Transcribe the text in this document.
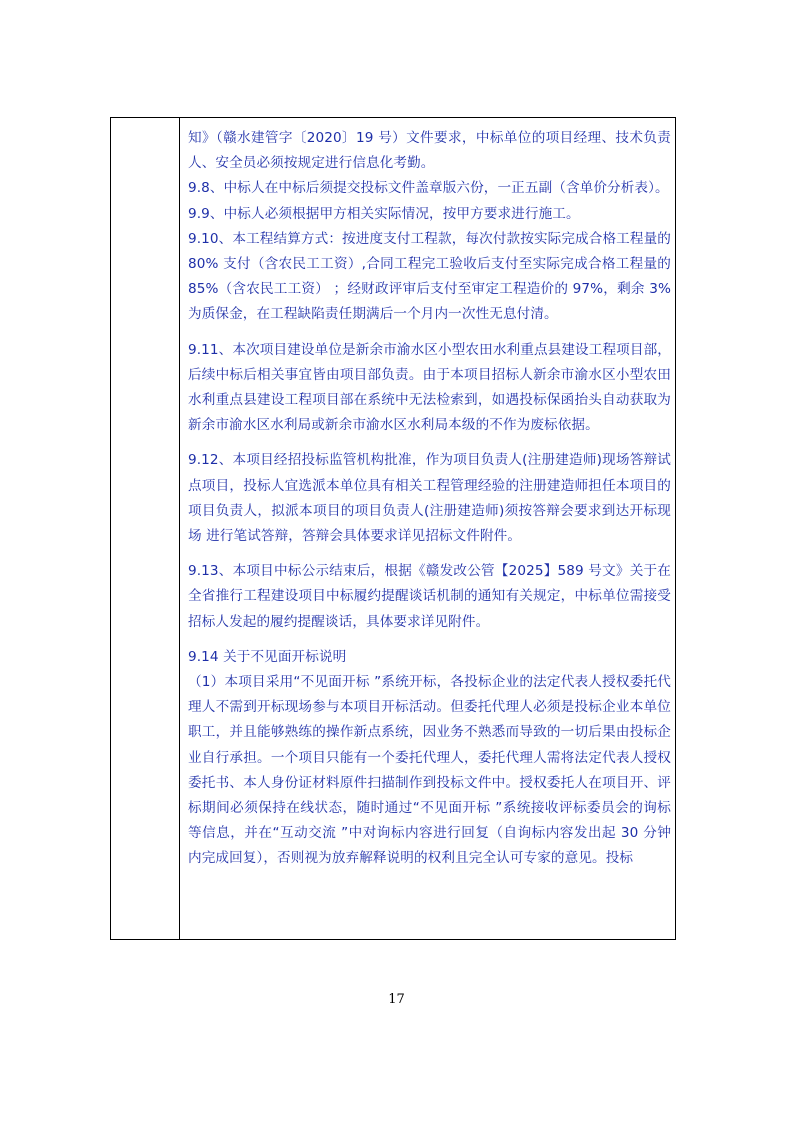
知》（赣水建管字〔2020〕19 号）文件要求，中标单位的项目经理、技术负责人、安全员必须按规定进行信息化考勤。

9.8、中标人在中标后须提交投标文件盖章版六份，一正五副（含单价分析表）。

9.9、中标人必须根据甲方相关实际情况，按甲方要求进行施工。

9.10、本工程结算方式：按进度支付工程款，每次付款按实际完成合格工程量的 80% 支付（含农民工工资）,合同工程完工验收后支付至实际完成合格工程量的 85%（含农民工工资） ；经财政评审后支付至审定工程造价的 97%，剩余 3% 为质保金，在工程缺陷责任期满后一个月内一次性无息付清。

9.11、本次项目建设单位是新余市渝水区小型农田水利重点县建设工程项目部，后续中标后相关事宜皆由项目部负责。由于本项目招标人新余市渝水区小型农田水利重点县建设工程项目部在系统中无法检索到，如遇投标保函抬头自动获取为新余市渝水区水利局或新余市渝水区水利局本级的不作为废标依据。

9.12、本项目经招投标监管机构批准，作为项目负责人(注册建造师)现场答辩试点项目，投标人宜选派本单位具有相关工程管理经验的注册建造师担任本项目的项目负责人，拟派本项目的项目负责人(注册建造师)须按答辩会要求到达开标现场 进行笔试答辩，答辩会具体要求详见招标文件附件。

9.13、本项目中标公示结束后，根据《赣发改公管【2025】589 号文》关于在全省推行工程建设项目中标履约提醒谈话机制的通知有关规定，中标单位需接受招标人发起的履约提醒谈话，具体要求详见附件。

9.14 关于不见面开标说明

（1）本项目采用“不见面开标 ”系统开标，各投标企业的法定代表人授权委托代理人不需到开标现场参与本项目开标活动。但委托代理人必须是投标企业本单位职工，并且能够熟练的操作新点系统，因业务不熟悉而导致的一切后果由投标企业自行承担。一个项目只能有一个委托代理人，委托代理人需将法定代表人授权委托书、本人身份证材料原件扫描制作到投标文件中。授权委托人在项目开、评标期间必须保持在线状态，随时通过“不见面开标 ”系统接收评标委员会的询标等信息，并在“互动交流 ”中对询标内容进行回复（自询标内容发出起 30 分钟内完成回复），否则视为放弃解释说明的权利且完全认可专家的意见。投标

17
